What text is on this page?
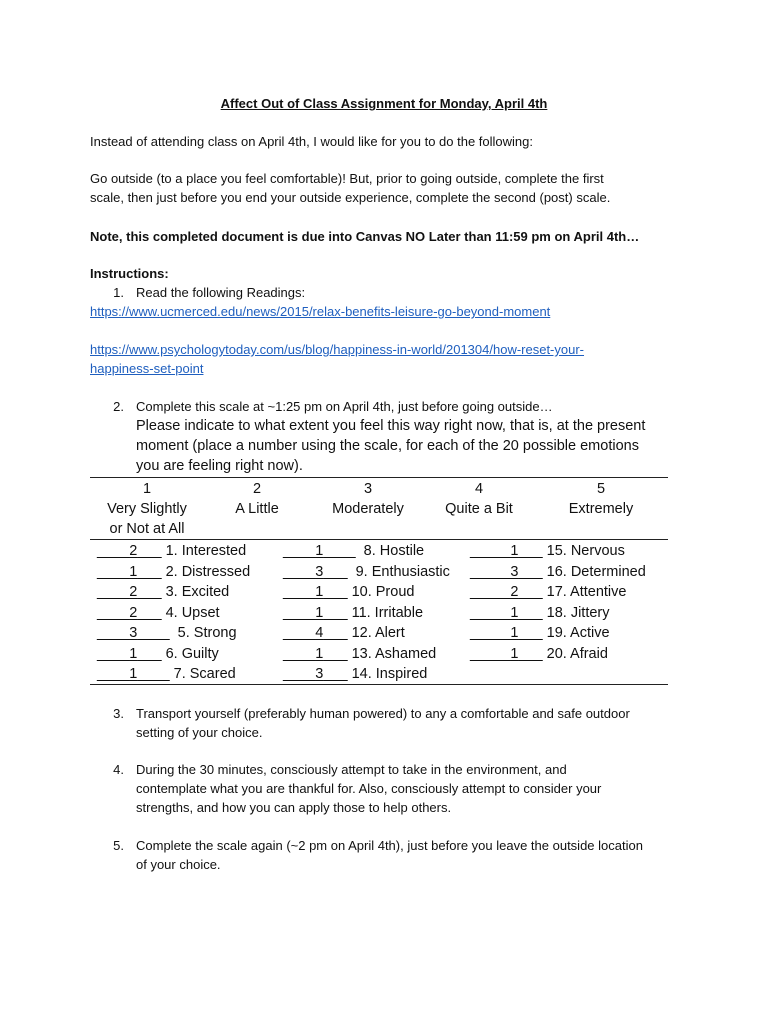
Affect Out of Class Assignment for Monday, April 4th
Instead of attending class on April 4th, I would like for you to do the following:
Go outside (to a place you feel comfortable)! But, prior to going outside, complete the first
scale, then just before you end your outside experience, complete the second (post) scale.
Note, this completed document is due into Canvas NO Later than 11:59 pm on April 4th…
Instructions:
1. Read the following Readings:
https://www.ucmerced.edu/news/2015/relax-benefits-leisure-go-beyond-moment
https://www.psychologytoday.com/us/blog/happiness-in-world/201304/how-reset-your-
happiness-set-point
2. Complete this scale at ~1:25 pm on April 4th, just before going outside…
Please indicate to what extent you feel this way right now, that is, at the present
moment (place a number using the scale, for each of the 20 possible emotions
you are feeling right now).
1
Very Slightly
or Not at All
2
A Little
3
Moderately
4
Quite a Bit
5
Extremely
____2___ 1. Interested
____1___ 2. Distressed
____2___ 3. Excited
____2___ 4. Upset
____3____  5. Strong
____1___ 6. Guilty
____1____ 7. Scared
____1____  8. Hostile
____3___  9. Enthusiastic
____1___ 10. Proud
____1___ 11. Irritable
____4___ 12. Alert
____1___ 13. Ashamed
____3___ 14. Inspired
_____1___ 15. Nervous
_____3___ 16. Determined
_____2___ 17. Attentive
_____1___ 18. Jittery
_____1___ 19. Active
_____1___ 20. Afraid
3. Transport yourself (preferably human powered) to any a comfortable and safe outdoor
setting of your choice.
4. During the 30 minutes, consciously attempt to take in the environment, and
contemplate what you are thankful for. Also, consciously attempt to consider your
strengths, and how you can apply those to help others.
5. Complete the scale again (~2 pm on April 4th), just before you leave the outside location
of your choice.
